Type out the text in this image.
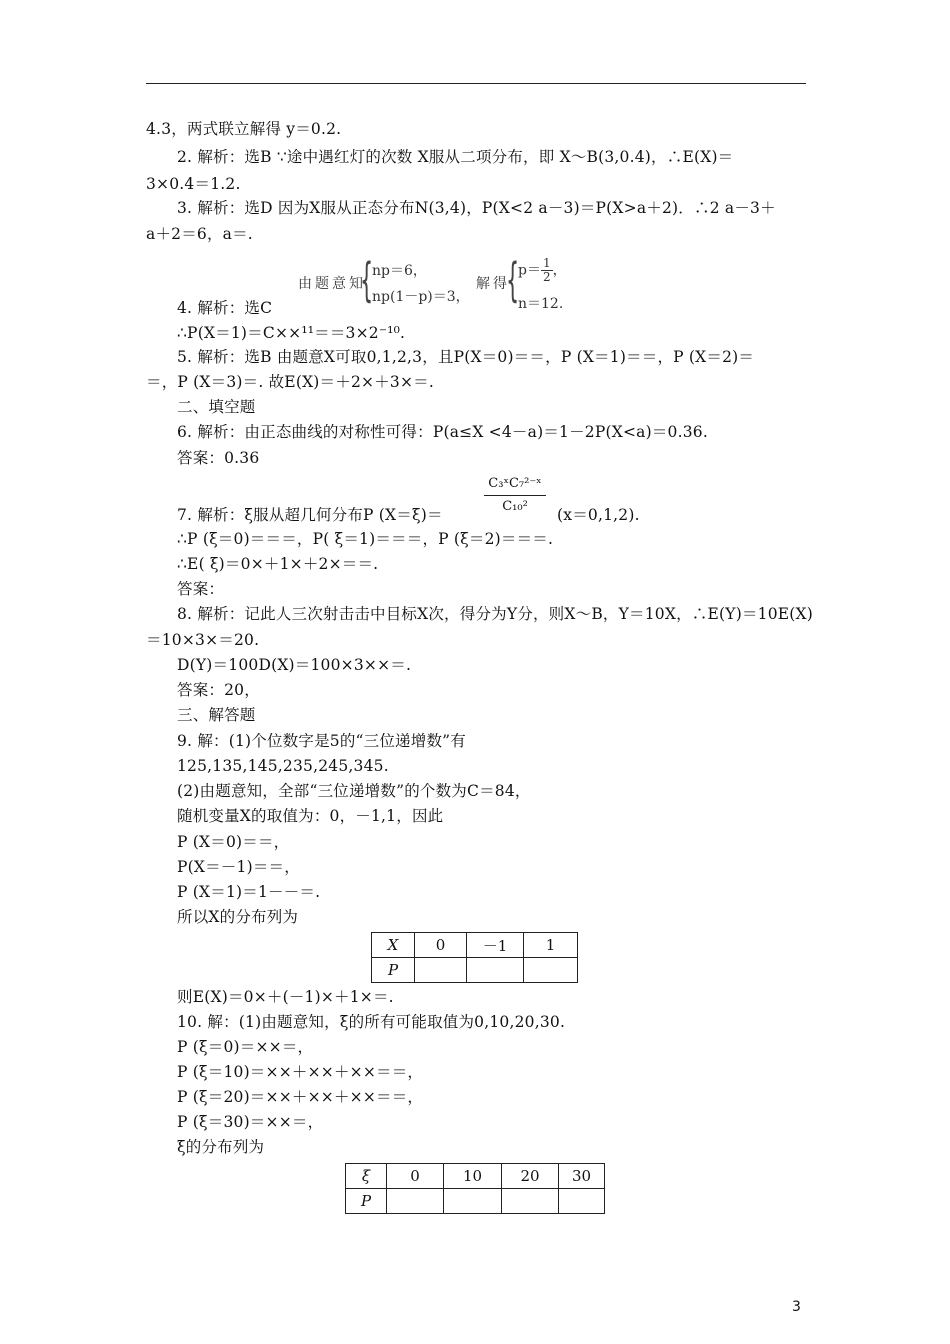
4.3，两式联立解得 y＝0.2.
2. 解析：选B ∵途中遇红灯的次数 X服从二项分布，即 X～B(3,0.4)，∴E(X)＝
3×0.4＝1.2.
3. 解析：选D 因为X服从正态分布N(3,4)，P(X<2 a－3)＝P(X>a＋2)．∴2 a－3＋
a＋2＝6，a＝.
由题意知
{
np＝6，
np(1－p)＝3，
解得
{
$p= \frac{1}{2}$ ，
n＝12.
4. 解析：选C
∴P(X＝1)＝C××¹¹＝＝3×2⁻¹⁰.
5. 解析：选B 由题意X可取0,1,2,3，且P(X＝0)＝＝，P (X＝1)＝＝，P (X＝2)＝
＝，P (X＝3)＝. 故E(X)＝＋2×＋3×＝.
二、填空题
6. 解析：由正态曲线的对称性可得：P(a≤X <4－a)＝1－2P(X<a)＝0.36.
答案：0.36
$\frac{\text{C₃ˣC₇²⁻ˣ}}{\text{C₁₀²}}$
7. 解析：ξ服从超几何分布P (X＝ξ)＝	(x＝0,1,2).
∴P (ξ＝0)＝＝＝，P( ξ＝1)＝＝＝，P (ξ＝2)＝＝＝.
∴E( ξ)＝0×＋1×＋2×＝＝.
答案：
8. 解析：记此人三次射击击中目标X次，得分为Y分，则X～B，Y＝10X，∴E(Y)＝10E(X)
＝10×3×＝20.
D(Y)＝100D(X)＝100×3××＝.
答案：20，
三、解答题
9. 解：(1)个位数字是5的“三位递增数”有
125,135,145,235,245,345.
(2)由题意知，全部“三位递增数”的个数为C＝84，
随机变量X的取值为：0，－1,1，因此
P (X＝0)＝＝，
P(X＝－1)＝＝，
P (X＝1)＝1－－＝.
所以X的分布列为
X	0	－1	1
P			
则E(X)＝0×＋(－1)×＋1×＝.
10. 解：(1)由题意知，ξ的所有可能取值为0,10,20,30.
P (ξ＝0)＝××＝，
P (ξ＝10)＝××＋××＋××＝＝，
P (ξ＝20)＝××＋××＋××＝＝，
P (ξ＝30)＝××＝，
ξ的分布列为
ξ	0	10	20	30
P				
3
